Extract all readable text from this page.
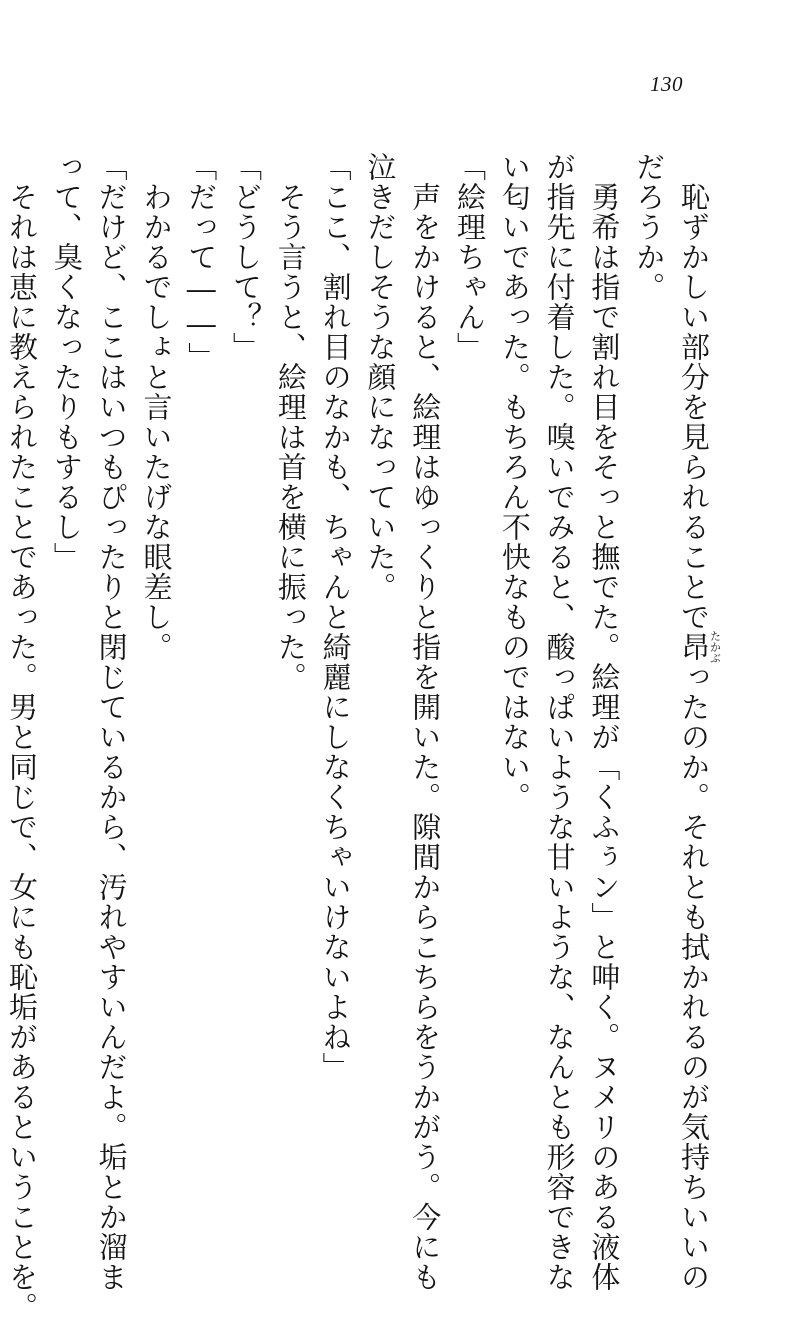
130
　恥ずかしい部分を見られることで昂たかぶったのか。それとも拭かれるのが気持ちいいの
だろうか。
　勇希は指で割れ目をそっと撫でた。絵理が「くふぅン」と呻く。ヌメリのある液体
が指先に付着した。嗅いでみると、酸っぱいような甘いような、なんとも形容できな
い匂いであった。もちろん不快なものではない。
「絵理ちゃん」
　声をかけると、絵理はゆっくりと指を開いた。隙間からこちらをうかがう。今にも
泣きだしそうな顔になっていた。
「ここ、割れ目のなかも、ちゃんと綺麗にしなくちゃいけないよね」
　そう言うと、絵理は首を横に振った。
「どうして？」
「だって――」
　わかるでしょと言いたげな眼差し。
「だけど、ここはいつもぴったりと閉じているから、汚れやすいんだよ。垢とか溜ま
って、臭くなったりもするし」
　それは恵に教えられたことであった。男と同じで、女にも恥垢があるということを。
